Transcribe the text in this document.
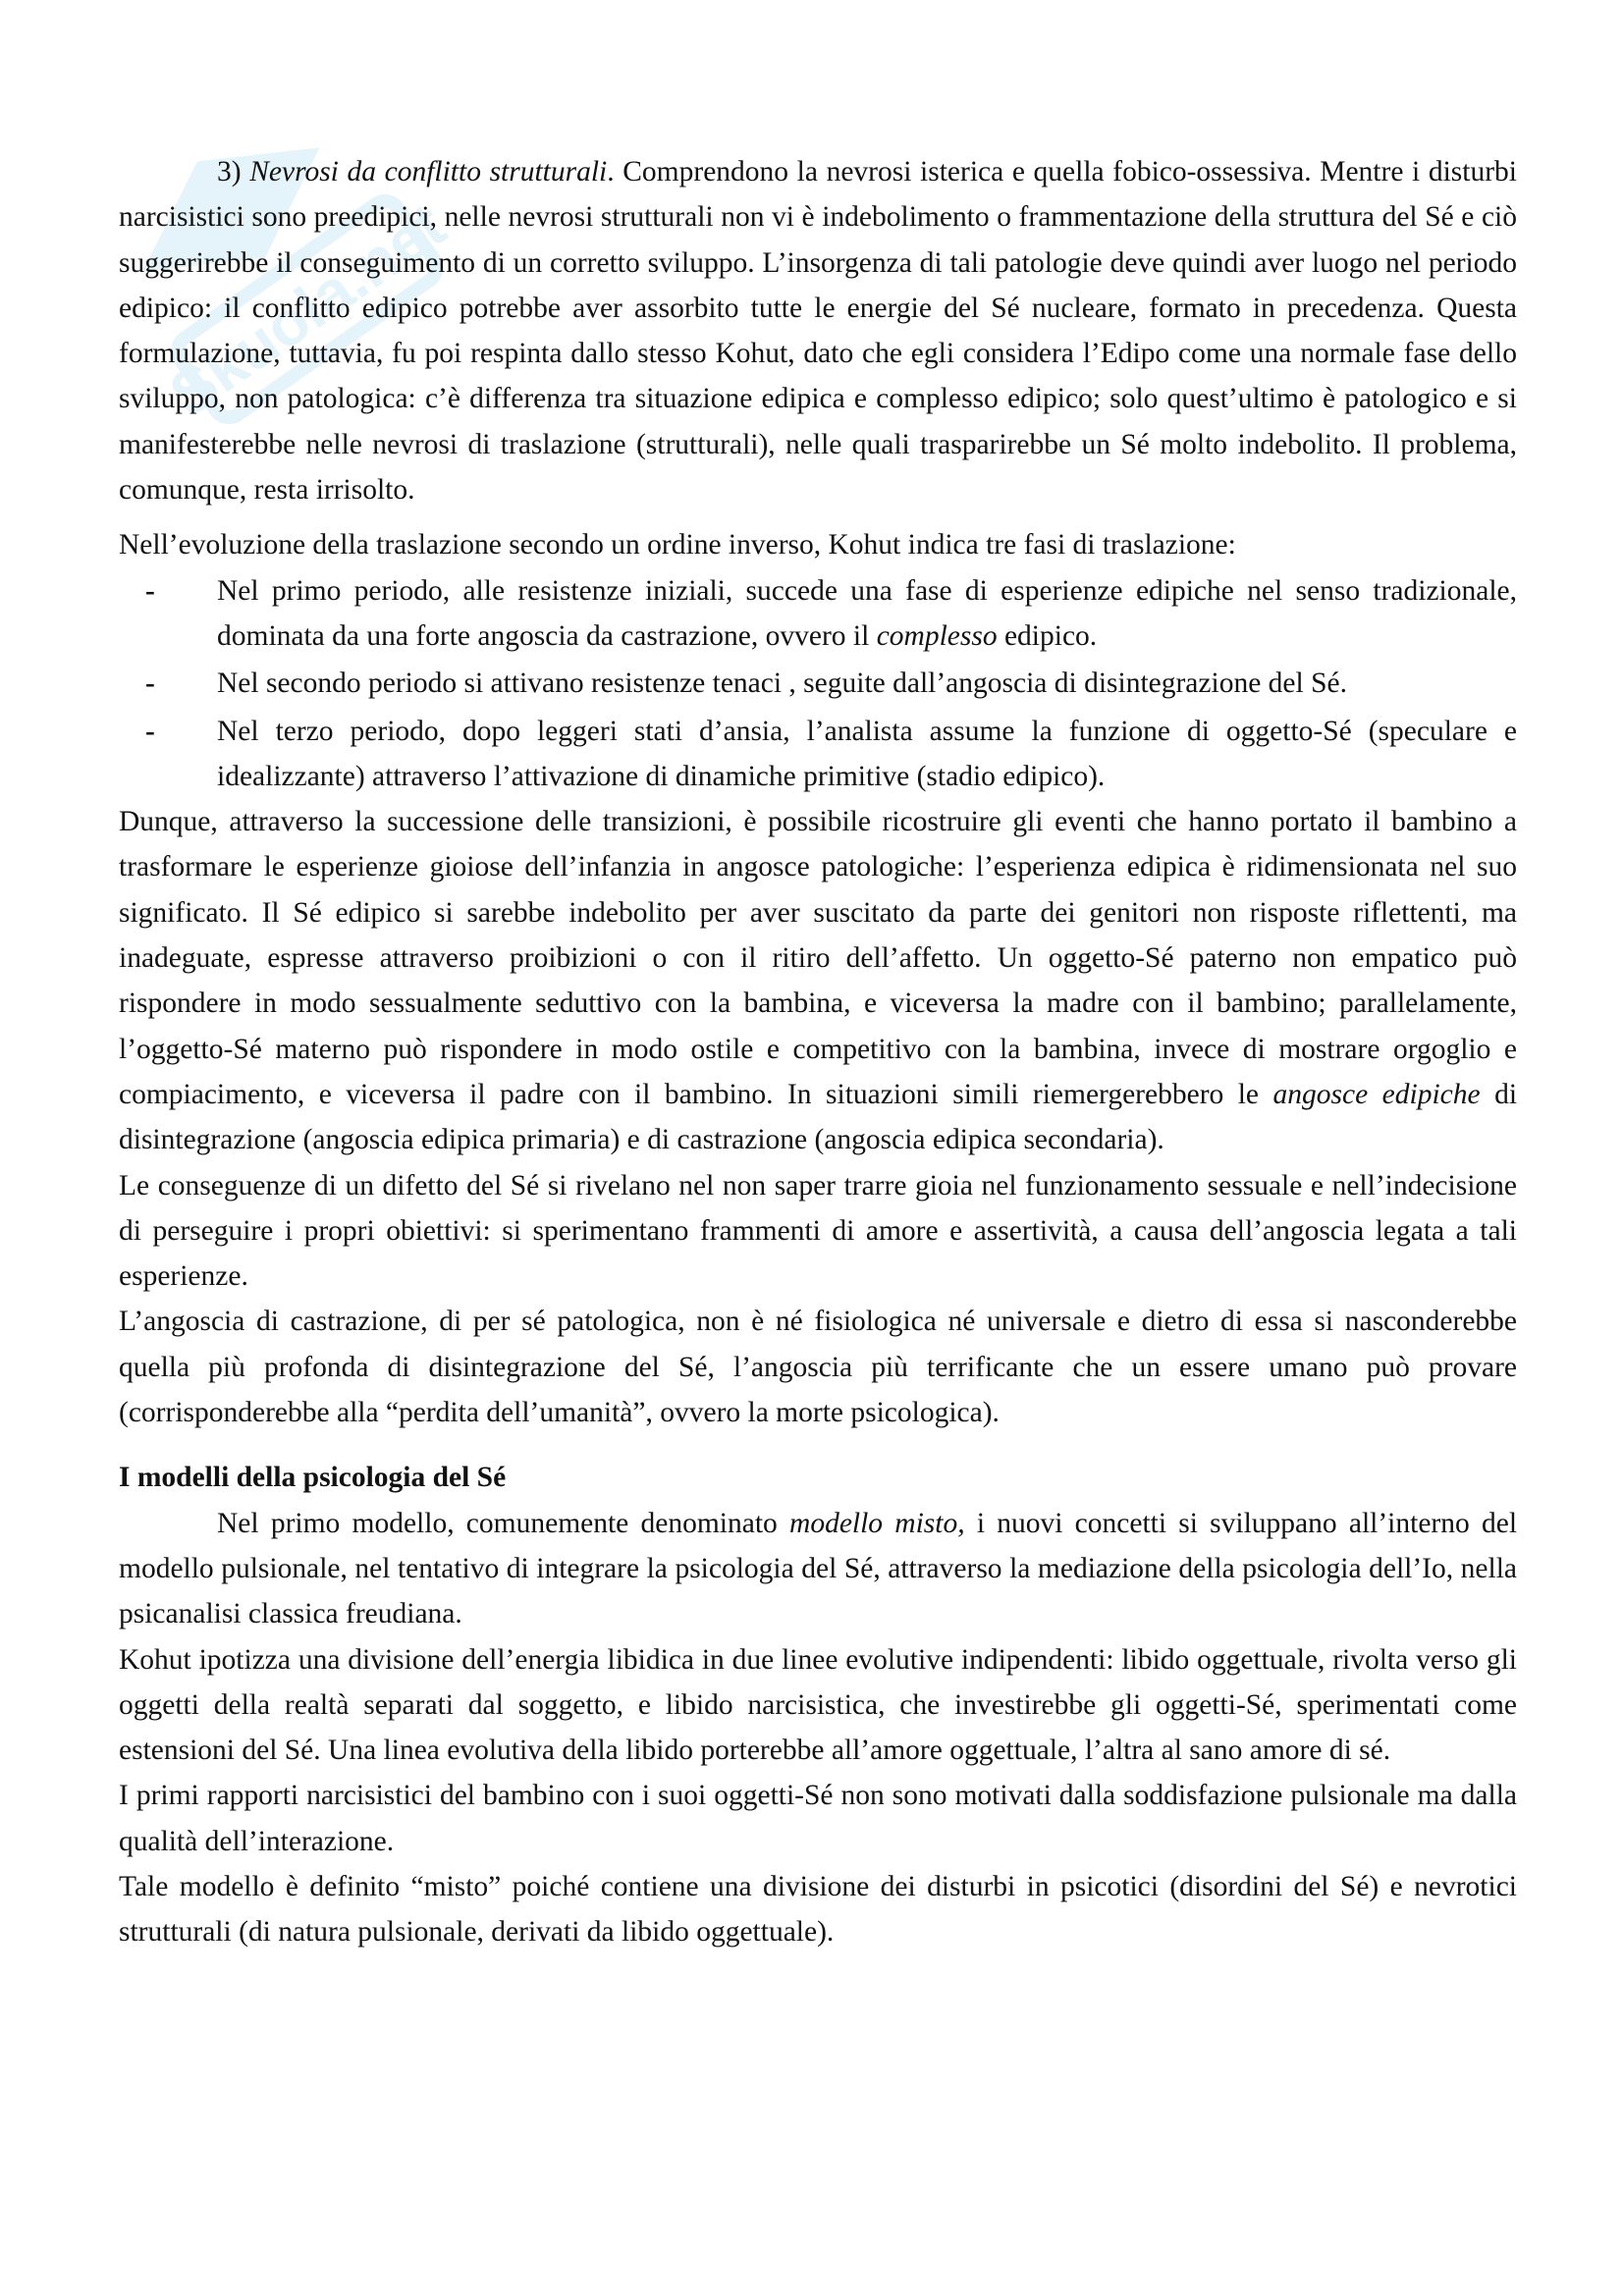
Skuola.net

3) Nevrosi da conflitto strutturali. Comprendono la nevrosi isterica e quella fobico-ossessiva. Mentre i disturbi narcisistici sono preedipici, nelle nevrosi strutturali non vi è indebolimento o frammentazione della struttura del Sé e ciò suggerirebbe il conseguimento di un corretto sviluppo. L’insorgenza di tali patologie deve quindi aver luogo nel periodo edipico: il conflitto edipico potrebbe aver assorbito tutte le energie del Sé nucleare, formato in precedenza. Questa formulazione, tuttavia, fu poi respinta dallo stesso Kohut, dato che egli considera l’Edipo come una normale fase dello sviluppo, non patologica: c’è differenza tra situazione edipica e complesso edipico; solo quest’ultimo è patologico e si manifesterebbe nelle nevrosi di traslazione (strutturali), nelle quali trasparirebbe un Sé molto indebolito. Il problema, comunque, resta irrisolto.

Nell’evoluzione della traslazione secondo un ordine inverso, Kohut indica tre fasi di traslazione:

- Nel primo periodo, alle resistenze iniziali, succede una fase di esperienze edipiche nel senso tradizionale, dominata da una forte angoscia da castrazione, ovvero il complesso edipico.
- Nel secondo periodo si attivano resistenze tenaci , seguite dall’angoscia di disintegrazione del Sé.
- Nel terzo periodo, dopo leggeri stati d’ansia, l’analista assume la funzione di oggetto-Sé (speculare e idealizzante) attraverso l’attivazione di dinamiche primitive (stadio edipico).

Dunque, attraverso la successione delle transizioni, è possibile ricostruire gli eventi che hanno portato il bambino a trasformare le esperienze gioiose dell’infanzia in angosce patologiche: l’esperienza edipica è ridimensionata nel suo significato. Il Sé edipico si sarebbe indebolito per aver suscitato da parte dei genitori non risposte riflettenti, ma inadeguate, espresse attraverso proibizioni o con il ritiro dell’affetto. Un oggetto-Sé paterno non empatico può rispondere in modo sessualmente seduttivo con la bambina, e viceversa la madre con il bambino; parallelamente, l’oggetto-Sé materno può rispondere in modo ostile e competitivo con la bambina, invece di mostrare orgoglio e compiacimento, e viceversa il padre con il bambino. In situazioni simili riemergerebbero le angosce edipiche di disintegrazione (angoscia edipica primaria) e di castrazione (angoscia edipica secondaria).

Le conseguenze di un difetto del Sé si rivelano nel non saper trarre gioia nel funzionamento sessuale e nell’indecisione di perseguire i propri obiettivi: si sperimentano frammenti di amore e assertività, a causa dell’angoscia legata a tali esperienze.

L’angoscia di castrazione, di per sé patologica, non è né fisiologica né universale e dietro di essa si nasconderebbe quella più profonda di disintegrazione del Sé, l’angoscia più terrificante che un essere umano può provare (corrisponderebbe alla “perdita dell’umanità”, ovvero la morte psicologica).

I modelli della psicologia del Sé

Nel primo modello, comunemente denominato modello misto, i nuovi concetti si sviluppano all’interno del modello pulsionale, nel tentativo di integrare la psicologia del Sé, attraverso la mediazione della psicologia dell’Io, nella psicanalisi classica freudiana.

Kohut ipotizza una divisione dell’energia libidica in due linee evolutive indipendenti: libido oggettuale, rivolta verso gli oggetti della realtà separati dal soggetto, e libido narcisistica, che investirebbe gli oggetti-Sé, sperimentati come estensioni del Sé. Una linea evolutiva della libido porterebbe all’amore oggettuale, l’altra al sano amore di sé.

I primi rapporti narcisistici del bambino con i suoi oggetti-Sé non sono motivati dalla soddisfazione pulsionale ma dalla qualità dell’interazione.

Tale modello è definito “misto” poiché contiene una divisione dei disturbi in psicotici (disordini del Sé) e nevrotici strutturali (di natura pulsionale, derivati da libido oggettuale).
